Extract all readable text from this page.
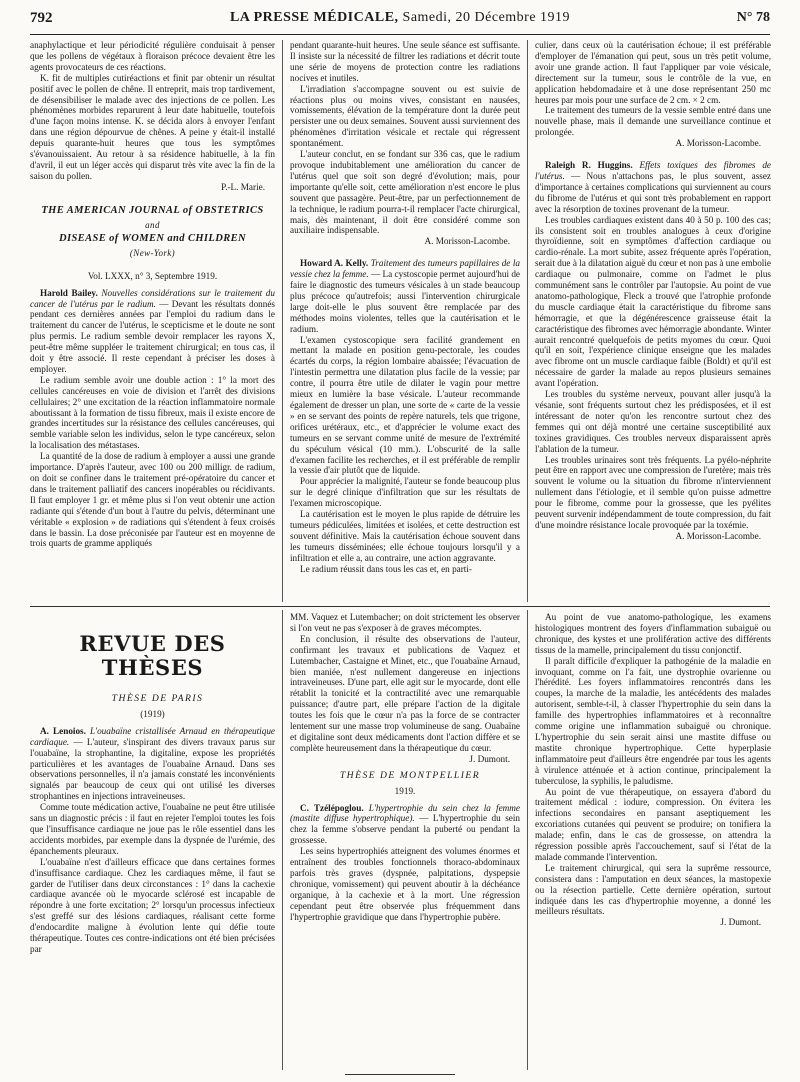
792	LA PRESSE MÉDICALE, Samedi, 20 Décembre 1919	N° 78

anaphylactique et leur périodicité régulière conduisait à penser que les pollens de végétaux à floraison précoce devaient être les agents provocateurs de ces réactions.

K. fit de multiples cutiréactions et finit par obtenir un résultat positif avec le pollen de chêne. Il entreprit, mais trop tardivement, de désensibiliser le malade avec des injections de ce pollen. Les phénomènes morbides reparurent à leur date habituelle, toutefois d'une façon moins intense. K. se décida alors à envoyer l'enfant dans une région dépourvue de chênes. A peine y était-il installé depuis quarante-huit heures que tous les symptômes s'évanouissaient. Au retour à sa résidence habituelle, à la fin d'avril, il eut un léger accès qui disparut très vite avec la fin de la saison du pollen.

P.-L. Marie.

THE AMERICAN JOURNAL of OBSTETRICS
and
DISEASE of WOMEN and CHILDREN
(New-York)

Vol. LXXX, n° 3, Septembre 1919.

Harold Bailey. Nouvelles considérations sur le traitement du cancer de l'utérus par le radium. — Devant les résultats donnés pendant ces dernières années par l'emploi du radium dans le traitement du cancer de l'utérus, le scepticisme et le doute ne sont plus permis. Le radium semble devoir remplacer les rayons X, peut-être même suppléer le traitement chirurgical; en tous cas, il doit y être associé. Il reste cependant à préciser les doses à employer.

Le radium semble avoir une double action : 1° la mort des cellules cancéreuses en voie de division et l'arrêt des divisions cellulaires; 2° une excitation de la réaction inflammatoire normale aboutissant à la formation de tissu fibreux, mais il existe encore de grandes incertitudes sur la résistance des cellules cancéreuses, qui semble variable selon les individus, selon le type cancéreux, selon la localisation des métastases.

La quantité de la dose de radium à employer a aussi une grande importance. D'après l'auteur, avec 100 ou 200 milligr. de radium, on doit se confiner dans le traitement pré-opératoire du cancer et dans le traitement palliatif des cancers inopérables ou récidivants. Il faut employer 1 gr. et même plus si l'on veut obtenir une action radiante qui s'étende d'un bout à l'autre du pelvis, déterminant une véritable « explosion » de radiations qui s'étendent à feux croisés dans le bassin. La dose préconisée par l'auteur est en moyenne de trois quarts de gramme appliqués

pendant quarante-huit heures. Une seule séance est suffisante. Il insiste sur la nécessité de filtrer les radiations et décrit toute une série de moyens de protection contre les radiations nocives et inutiles.

L'irradiation s'accompagne souvent ou est suivie de réactions plus ou moins vives, consistant en nausées, vomissements, élévation de la température dont la durée peut persister une ou deux semaines. Souvent aussi surviennent des phénomènes d'irritation vésicale et rectale qui régressent spontanément.

L'auteur conclut, en se fondant sur 336 cas, que le radium provoque indubitablement une amélioration du cancer de l'utérus quel que soit son degré d'évolution; mais, pour importante qu'elle soit, cette amélioration n'est encore le plus souvent que passagère. Peut-être, par un perfectionnement de la technique, le radium pourra-t-il remplacer l'acte chirurgical, mais, dès maintenant, il doit être considéré comme son auxiliaire indispensable.

A. Morisson-Lacombe.

Howard A. Kelly. Traitement des tumeurs papillaires de la vessie chez la femme. — La cystoscopie permet aujourd'hui de faire le diagnostic des tumeurs vésicales à un stade beaucoup plus précoce qu'autrefois; aussi l'intervention chirurgicale large doit-elle le plus souvent être remplacée par des méthodes moins violentes, telles que la cautérisation et le radium.

L'examen cystoscopique sera facilité grandement en mettant la malade en position genu-pectorale, les coudes écartés du corps, la région lombaire abaissée; l'évacuation de l'intestin permettra une dilatation plus facile de la vessie; par contre, il pourra être utile de dilater le vagin pour mettre mieux en lumière la base vésicale. L'auteur recommande également de dresser un plan, une sorte de « carte de la vessie » en se servant des points de repère naturels, tels que trigone, orifices urétéraux, etc., et d'apprécier le volume exact des tumeurs en se servant comme unité de mesure de l'extrémité du spéculum vésical (10 mm.). L'obscurité de la salle d'examen facilite les recherches, et il est préférable de remplir la vessie d'air plutôt que de liquide.

Pour apprécier la malignité, l'auteur se fonde beaucoup plus sur le degré clinique d'infiltration que sur les résultats de l'examen microscopique.

La cautérisation est le moyen le plus rapide de détruire les tumeurs pédiculées, limitées et isolées, et cette destruction est souvent définitive. Mais la cautérisation échoue souvent dans les tumeurs disséminées; elle échoue toujours lorsqu'il y a infiltration et elle a, au contraire, une action aggravante.

Le radium réussit dans tous les cas et, en parti-

culier, dans ceux où la cautérisation échoue; il est préférable d'employer de l'émanation qui peut, sous un très petit volume, avoir une grande action. Il faut l'appliquer par voie vésicale, directement sur la tumeur, sous le contrôle de la vue, en application hebdomadaire et à une dose représentant 250 mc heures par mois pour une surface de 2 cm. × 2 cm.

Le traitement des tumeurs de la vessie semble entré dans une nouvelle phase, mais il demande une surveillance continue et prolongée.

A. Morisson-Lacombe.

Raleigh R. Huggins. Effets toxiques des fibromes de l'utérus. — Nous n'attachons pas, le plus souvent, assez d'importance à certaines complications qui surviennent au cours du fibrome de l'utérus et qui sont très probablement en rapport avec la résorption de toxines provenant de la tumeur.

Les troubles cardiaques existent dans 40 à 50 p. 100 des cas; ils consistent soit en troubles analogues à ceux d'origine thyroïdienne, soit en symptômes d'affection cardiaque ou cardio-rénale. La mort subite, assez fréquente après l'opération, serait due à la dilatation aiguë du cœur et non pas à une embolie cardiaque ou pulmonaire, comme on l'admet le plus communément sans le contrôler par l'autopsie. Au point de vue anatomo-pathologique, Fleck a trouvé que l'atrophie profonde du muscle cardiaque était la caractéristique du fibrome sans hémorragie, et que la dégénérescence graisseuse était la caractéristique des fibromes avec hémorragie abondante. Winter aurait rencontré quelquefois de petits myomes du cœur. Quoi qu'il en soit, l'expérience clinique enseigne que les malades avec fibrome ont un muscle cardiaque faible (Boldt) et qu'il est nécessaire de garder la malade au repos plusieurs semaines avant l'opération.

Les troubles du système nerveux, pouvant aller jusqu'à la vésanie, sont fréquents surtout chez les prédisposées, et il est intéressant de noter qu'on les rencontre surtout chez des femmes qui ont déjà montré une certaine susceptibilité aux toxines gravidiques. Ces troubles nerveux disparaissent après l'ablation de la tumeur.

Les troubles urinaires sont très fréquents. La pyélo-néphrite peut être en rapport avec une compression de l'uretère; mais très souvent le volume ou la situation du fibrome n'interviennent nullement dans l'étiologie, et il semble qu'on puisse admettre pour le fibrome, comme pour la grossesse, que les pyélites peuvent survenir indépendamment de toute compression, du fait d'une moindre résistance locale provoquée par la toxémie.

A. Morisson-Lacombe.

REVUE DES THÈSES

THÈSE DE PARIS

(1919)

A. Lenoios. L'ouabaïne cristallisée Arnaud en thérapeutique cardiaque. — L'auteur, s'inspirant des divers travaux parus sur l'ouabaïne, la strophantine, la digitaline, expose les propriétés particulières et les avantages de l'ouabaïne Arnaud. Dans ses observations personnelles, il n'a jamais constaté les inconvénients signalés par beaucoup de ceux qui ont utilisé les diverses strophantines en injections intraveineuses.

Comme toute médication active, l'ouabaïne ne peut être utilisée sans un diagnostic précis : il faut en rejeter l'emploi toutes les fois que l'insuffisance cardiaque ne joue pas le rôle essentiel dans les accidents morbides, par exemple dans la dyspnée de l'urémie, des épanchements pleuraux.

L'ouabaïne n'est d'ailleurs efficace que dans certaines formes d'insuffisance cardiaque. Chez les cardiaques même, il faut se garder de l'utiliser dans deux circonstances : 1° dans la cachexie cardiaque avancée où le myocarde sclérosé est incapable de répondre à une forte excitation; 2° lorsqu'un processus infectieux s'est greffé sur des lésions cardiaques, réalisant cette forme d'endocardite maligne à évolution lente qui défie toute thérapeutique. Toutes ces contre-indications ont été bien précisées par

MM. Vaquez et Lutembacher; on doit strictement les observer si l'on veut ne pas s'exposer à de graves mécomptes.

En conclusion, il résulte des observations de l'auteur, confirmant les travaux et publications de Vaquez et Lutembacher, Castaigne et Minet, etc., que l'ouabaïne Arnaud, bien maniée, n'est nullement dangereuse en injections intraveineuses. D'une part, elle agit sur le myocarde, dont elle rétablit la tonicité et la contractilité avec une remarquable puissance; d'autre part, elle prépare l'action de la digitale toutes les fois que le cœur n'a pas la force de se contracter lentement sur une masse trop volumineuse de sang. Ouabaïne et digitaline sont deux médicaments dont l'action diffère et se complète heureusement dans la thérapeutique du cœur.

J. Dumont.

THÈSE DE MONTPELLIER

1919.

C. Tzélépoglou. L'hypertrophie du sein chez la femme (mastite diffuse hypertrophique). — L'hypertrophie du sein chez la femme s'observe pendant la puberté ou pendant la grossesse.

Les seins hypertrophiés atteignent des volumes énormes et entraînent des troubles fonctionnels thoraco-abdominaux parfois très graves (dyspnée, palpitations, dyspepsie chronique, vomissement) qui peuvent aboutir à la déchéance organique, à la cachexie et à la mort. Une régression cependant peut être observée plus fréquemment dans l'hypertrophie gravidique que dans l'hypertrophie pubère.

Au point de vue anatomo-pathologique, les examens histologiques montrent des foyers d'inflammation subaiguë ou chronique, des kystes et une prolifération active des différents tissus de la mamelle, principalement du tissu conjonctif.

Il paraît difficile d'expliquer la pathogénie de la maladie en invoquant, comme on l'a fait, une dystrophie ovarienne ou l'hérédité. Les foyers inflammatoires rencontrés dans les coupes, la marche de la maladie, les antécédents des malades autorisent, semble-t-il, à classer l'hypertrophie du sein dans la famille des hypertrophies inflammatoires et à reconnaître comme origine une inflammation subaiguë ou chronique. L'hypertrophie du sein serait ainsi une mastite diffuse ou mastite chronique hypertrophique. Cette hyperplasie inflammatoire peut d'ailleurs être engendrée par tous les agents à virulence atténuée et à action continue, principalement la tuberculose, la syphilis, le paludisme.

Au point de vue thérapeutique, on essayera d'abord du traitement médical : iodure, compression. On évitera les infections secondaires en pansant aseptiquement les excoriations cutanées qui peuvent se produire; on tonifiera la malade; enfin, dans le cas de grossesse, on attendra la régression possible après l'accouchement, sauf si l'état de la malade commande l'intervention.

Le traitement chirurgical, qui sera la suprême ressource, consistera dans : l'amputation en deux séances, la mastopexie ou la résection partielle. Cette dernière opération, surtout indiquée dans les cas d'hypertrophie moyenne, a donné les meilleurs résultats.

J. Dumont.
